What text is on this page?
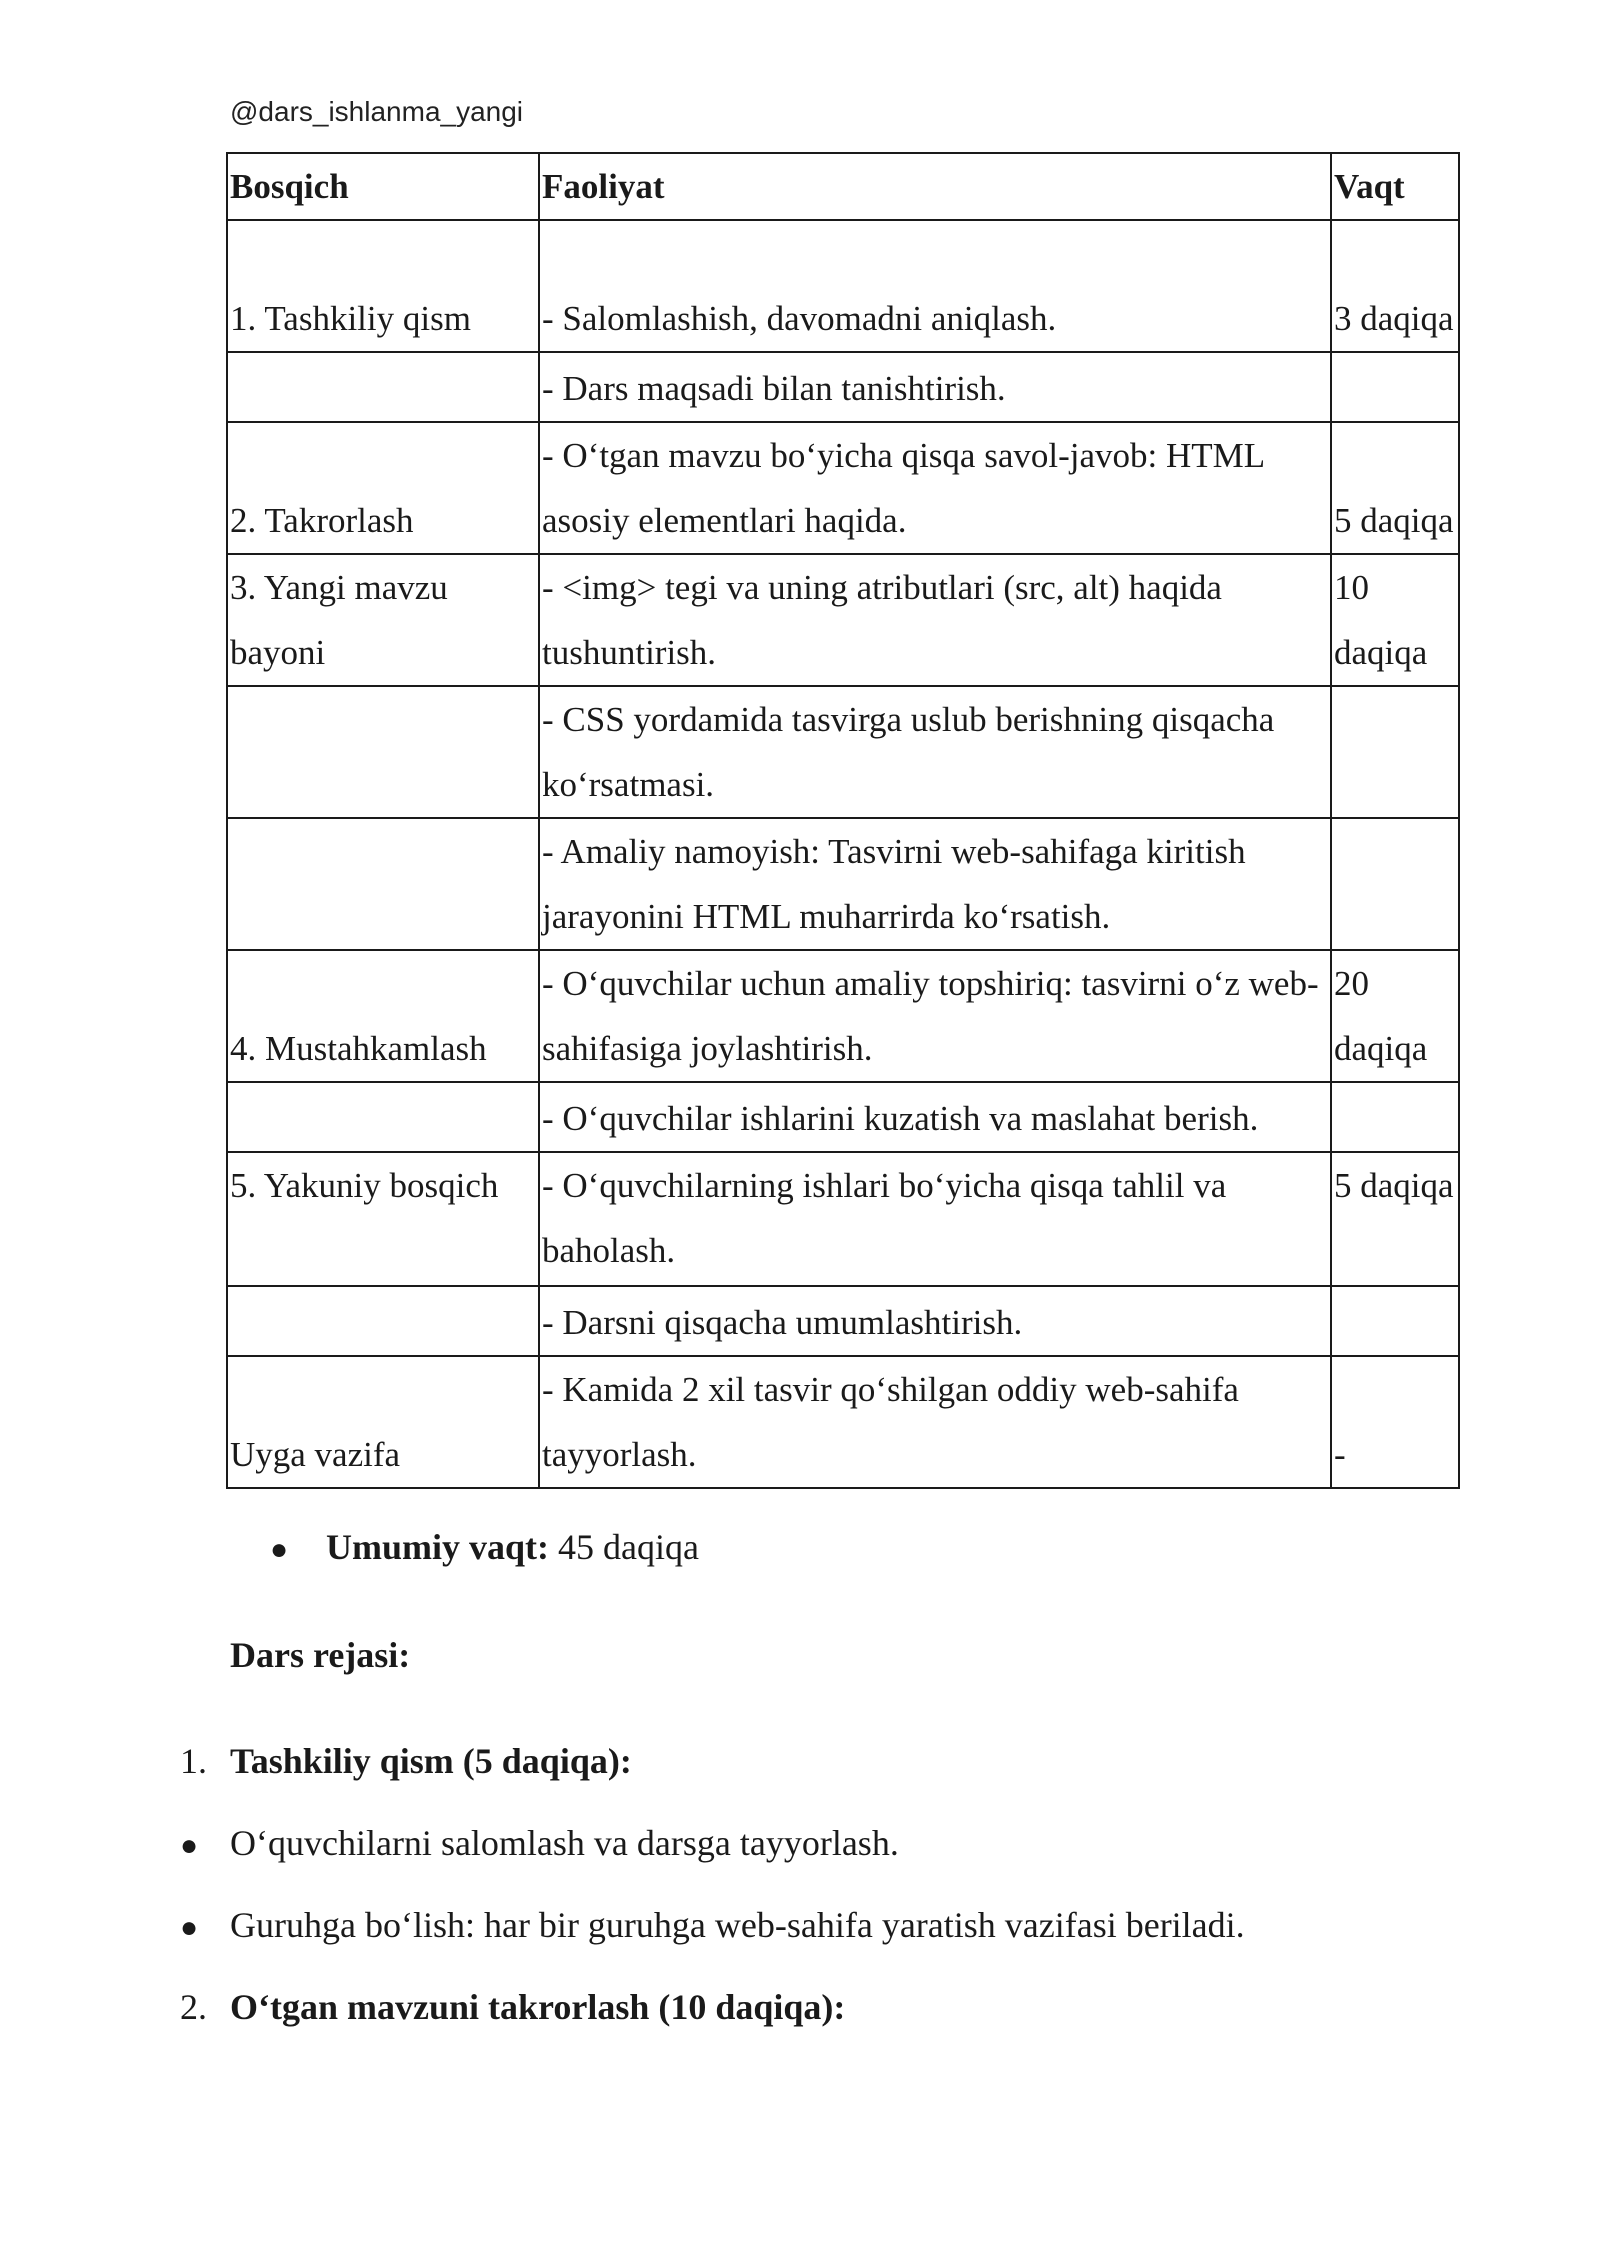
@dars_ishlanma_yangi
Bosqich	Faoliyat	Vaqt
1. Tashkiliy qism	- Salomlashish, davomadni aniqlash.	3 daqiqa
	- Dars maqsadi bilan tanishtirish.	
2. Takrorlash	- O‘tgan mavzu bo‘yicha qisqa savol-javob: HTML asosiy elementlari haqida.	5 daqiqa
3. Yangi mavzu bayoni	- <img> tegi va uning atributlari (src, alt) haqida tushuntirish.	10 daqiqa
	- CSS yordamida tasvirga uslub berishning qisqacha ko‘rsatmasi.	
	- Amaliy namoyish: Tasvirni web-sahifaga kiritish jarayonini HTML muharrirda ko‘rsatish.	
4. Mustahkamlash	- O‘quvchilar uchun amaliy topshiriq: tasvirni o‘z web-sahifasiga joylashtirish.	20 daqiqa
	- O‘quvchilar ishlarini kuzatish va maslahat berish.	
5. Yakuniy bosqich	- O‘quvchilarning ishlari bo‘yicha qisqa tahlil va baholash.	5 daqiqa
	- Darsni qisqacha umumlashtirish.	
Uyga vazifa	- Kamida 2 xil tasvir qo‘shilgan oddiy web-sahifa tayyorlash.	-
● Umumiy vaqt: 45 daqiqa
Dars rejasi:
1. Tashkiliy qism (5 daqiqa):
● O‘quvchilarni salomlash va darsga tayyorlash.
● Guruhga bo‘lish: har bir guruhga web-sahifa yaratish vazifasi beriladi.
2. O‘tgan mavzuni takrorlash (10 daqiqa):
